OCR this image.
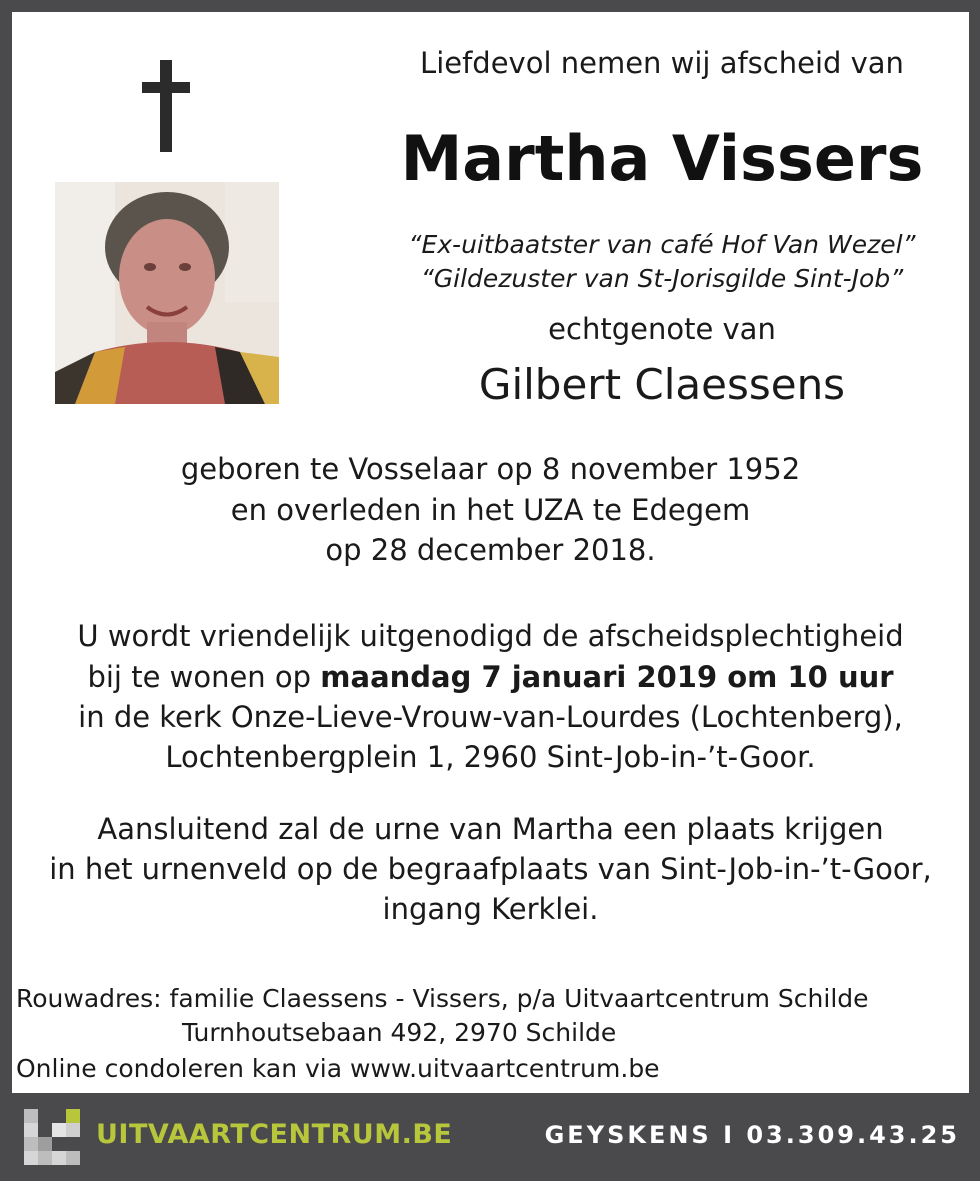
Liefdevol nemen wij afscheid van
Martha Vissers
“Ex-uitbaatster van café Hof Van Wezel”
“Gildezuster van St-Jorisgilde Sint-Job”
echtgenote van
Gilbert Claessens
geboren te Vosselaar op 8 november 1952
en overleden in het UZA te Edegem
op 28 december 2018.
U wordt vriendelijk uitgenodigd de afscheidsplechtigheid
bij te wonen op maandag 7 januari 2019 om 10 uur
in de kerk Onze-Lieve-Vrouw-van-Lourdes (Lochtenberg),
Lochtenbergplein 1, 2960 Sint-Job-in-’t-Goor.
Aansluitend zal de urne van Martha een plaats krijgen
in het urnenveld op de begraafplaats van Sint-Job-in-’t-Goor,
ingang Kerklei.
Rouwadres: familie Claessens - Vissers, p/a Uitvaartcentrum Schilde
Turnhoutsebaan 492, 2970 Schilde
Online condoleren kan via www.uitvaartcentrum.be
UITVAARTCENTRUM.BE	GEYSKENS I 03.309.43.25
